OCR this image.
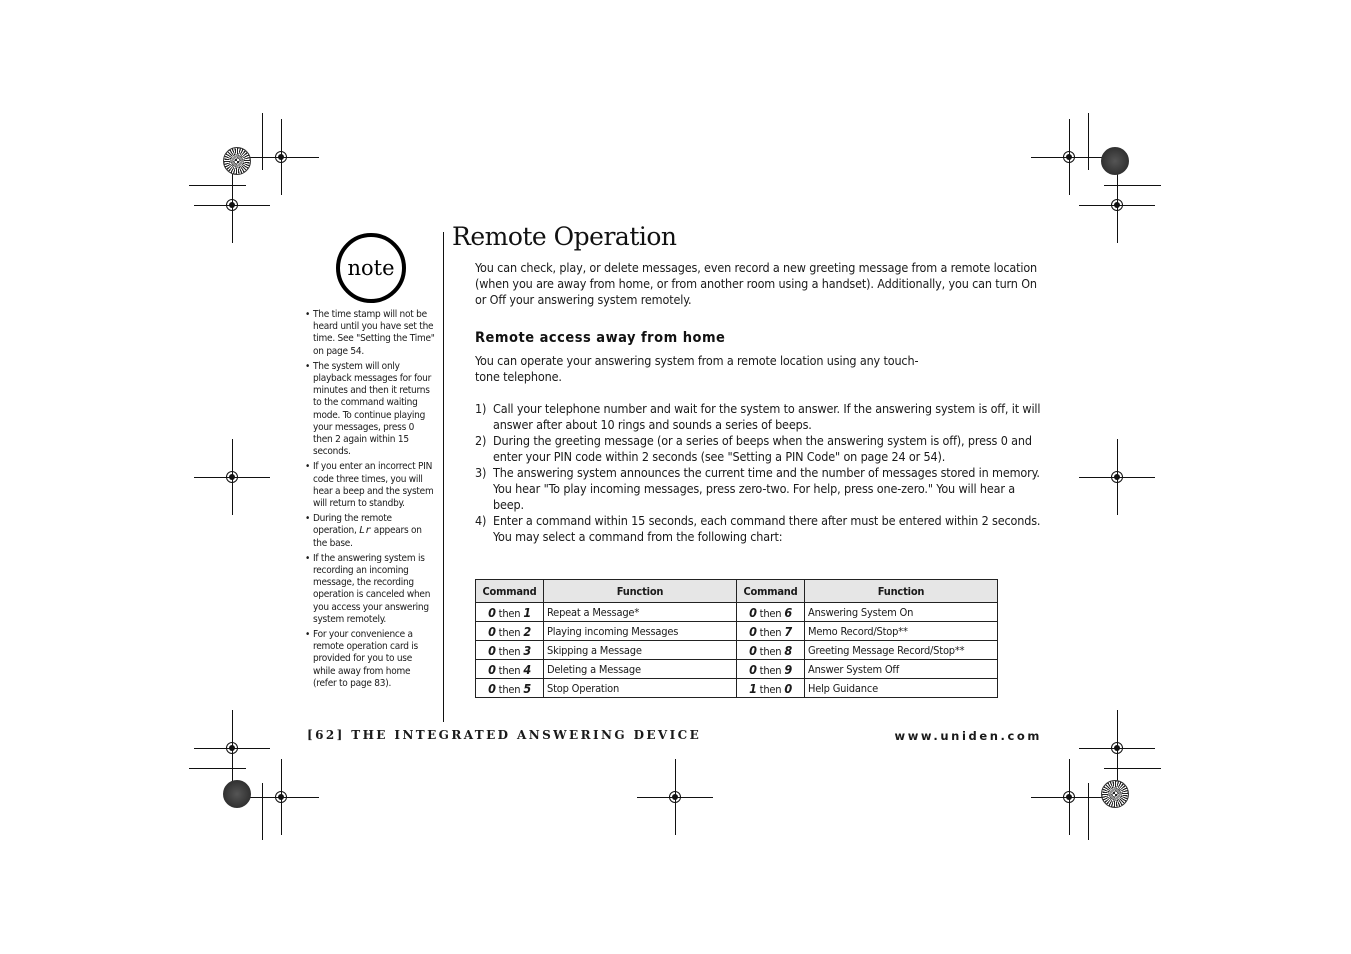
note
• The time stamp will not be heard until you have set the time. See "Setting the Time" on page 54.
• The system will only playback messages for four minutes and then it returns to the command waiting mode. To continue playing your messages, press 0 then 2 again within 15 seconds.
• If you enter an incorrect PIN code three times, you will hear a beep and the system will return to standby.
• During the remote operation, Lr appears on the base.
• If the answering system is recording an incoming message, the recording operation is canceled when you access your answering system remotely.
• For your convenience a remote operation card is provided for you to use while away from home (refer to page 83).
Remote Operation
You can check, play, or delete messages, even record a new greeting message from a remote location (when you are away from home, or from another room using a handset). Additionally, you can turn On or Off your answering system remotely.
Remote access away from home
You can operate your answering system from a remote location using any touch-tone telephone.
1) Call your telephone number and wait for the system to answer. If the answering system is off, it will answer after about 10 rings and sounds a series of beeps.
2) During the greeting message (or a series of beeps when the answering system is off), press 0 and enter your PIN code within 2 seconds (see "Setting a PIN Code" on page 24 or 54).
3) The answering system announces the current time and the number of messages stored in memory. You hear "To play incoming messages, press zero-two. For help, press one-zero." You will hear a beep.
4) Enter a command within 15 seconds, each command there after must be entered within 2 seconds. You may select a command from the following chart:
Command	Function	Command	Function
0 then 1	Repeat a Message*	0 then 6	Answering System On
0 then 2	Playing incoming Messages	0 then 7	Memo Record/Stop**
0 then 3	Skipping a Message	0 then 8	Greeting Message Record/Stop**
0 then 4	Deleting a Message	0 then 9	Answer System Off
0 then 5	Stop Operation	1 then 0	Help Guidance
[62] THE INTEGRATED ANSWERING DEVICE	www.uniden.com
